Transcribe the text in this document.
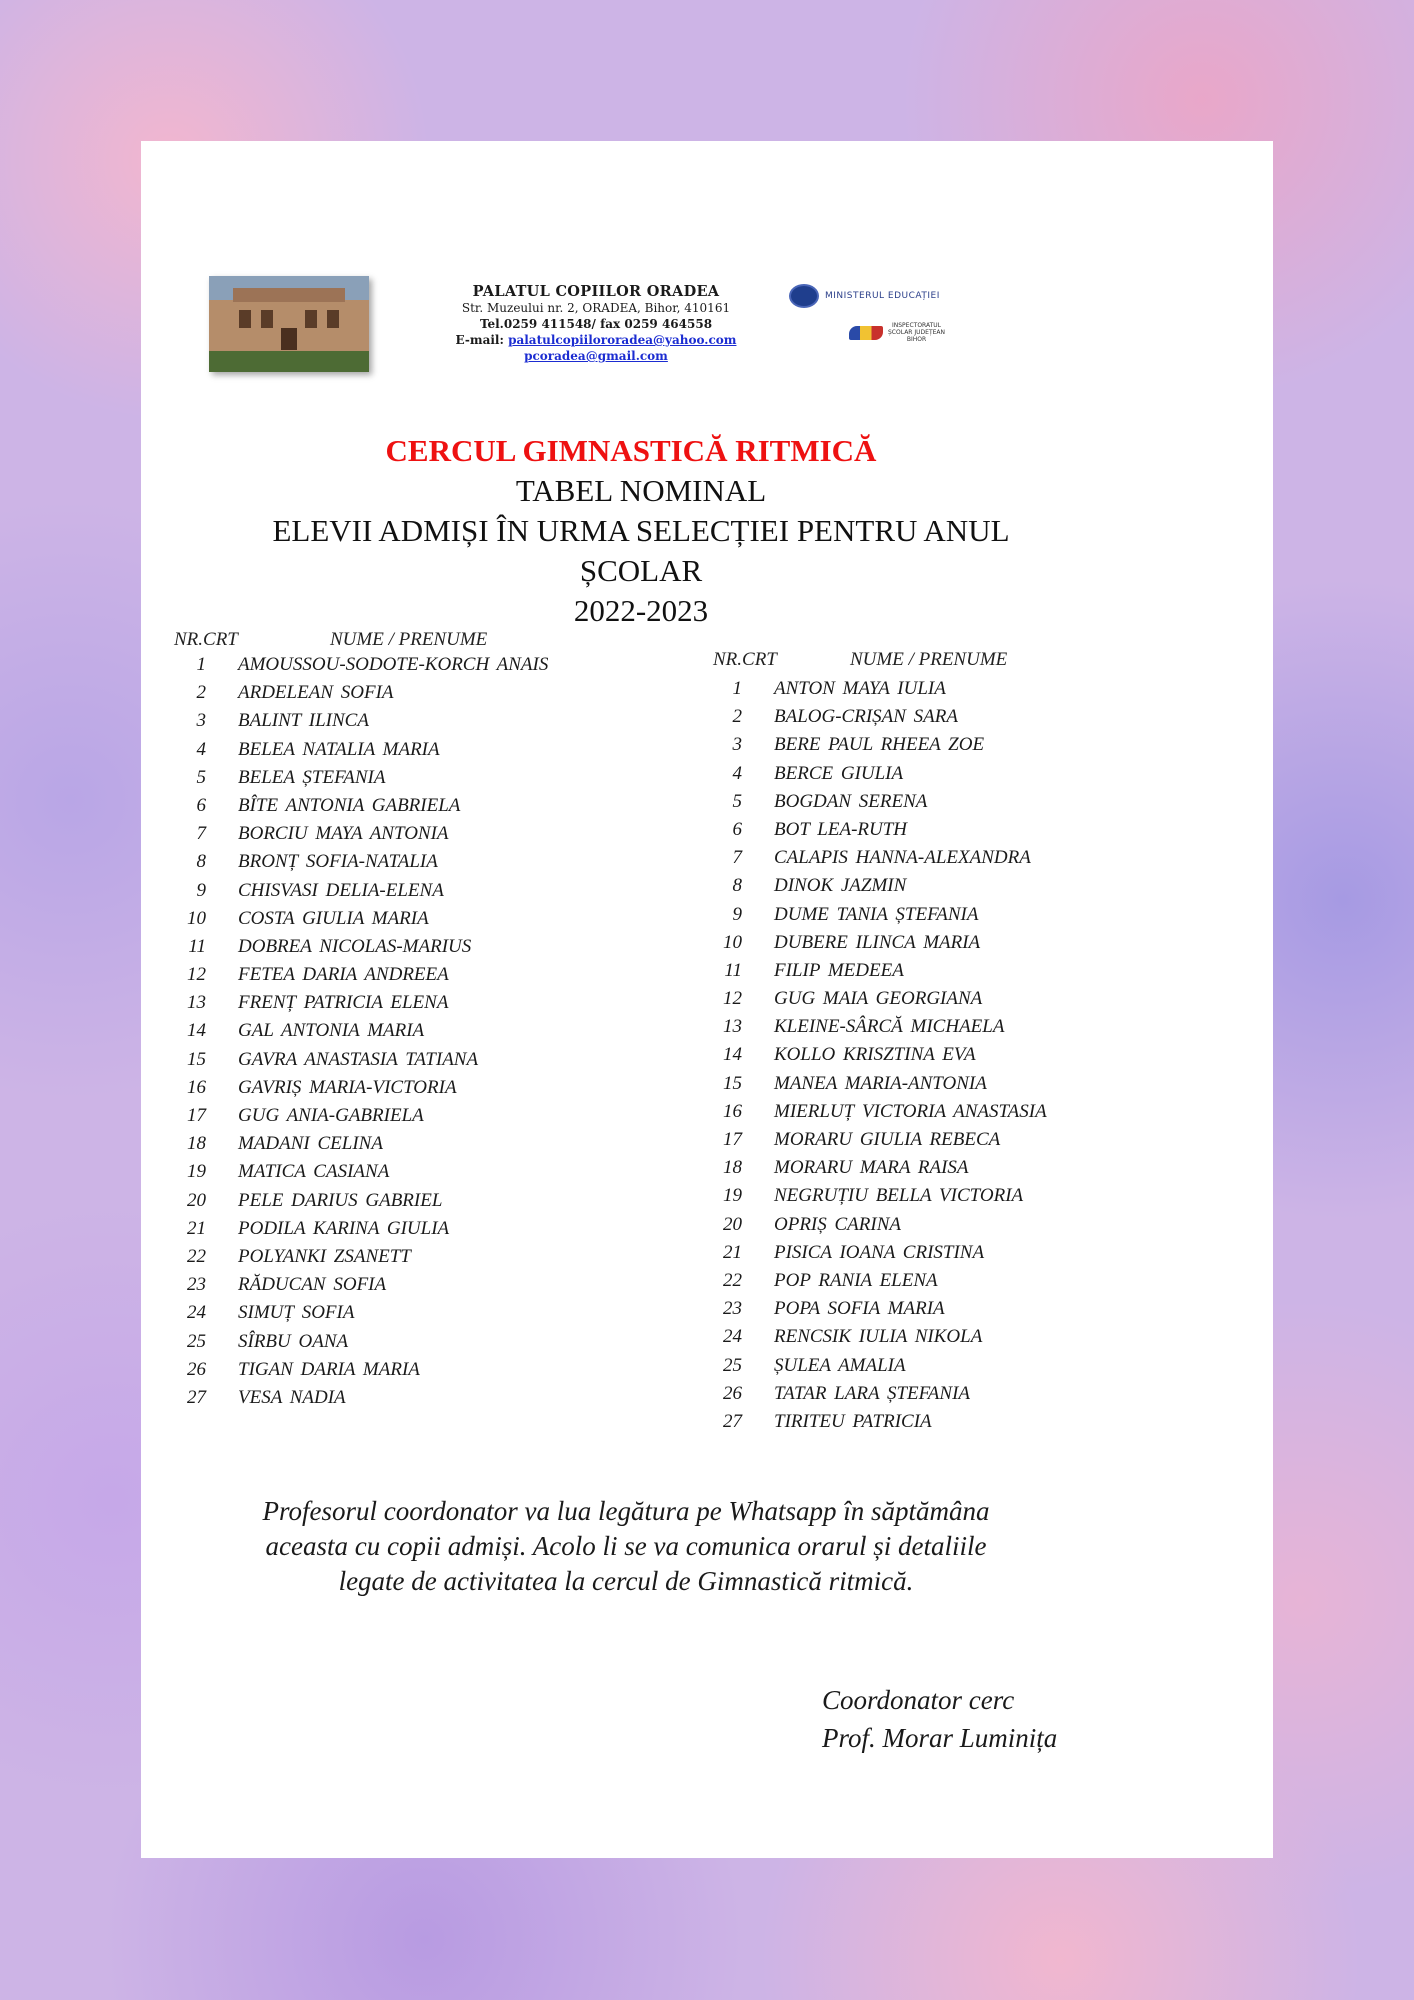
PALATUL COPIILOR ORADEA
Str. Muzeului nr. 2, ORADEA, Bihor, 410161
Tel.0259 411548/ fax 0259 464558
E-mail: palatulcopiilororadea@yahoo.com
pcoradea@gmail.com
MINISTERUL EDUCAȚIEI
INSPECTORATUL
ȘCOLAR JUDEȚEAN
BIHOR
CERCUL GIMNASTICĂ RITMICĂ
TABEL NOMINAL
ELEVII ADMIȘI ÎN URMA SELECȚIEI PENTRU ANUL
ȘCOLAR
2022-2023
NR.CRT	NUME / PRENUME
1 AMOUSSOU-SODOTE-KORCH ANAIS
2 ARDELEAN SOFIA
3 BALINT ILINCA
4 BELEA NATALIA MARIA
5 BELEA ȘTEFANIA
6 BÎTE ANTONIA GABRIELA
7 BORCIU MAYA ANTONIA
8 BRONȚ SOFIA-NATALIA
9 CHISVASI DELIA-ELENA
10 COSTA GIULIA MARIA
11 DOBREA NICOLAS-MARIUS
12 FETEA DARIA ANDREEA
13 FRENȚ PATRICIA ELENA
14 GAL ANTONIA MARIA
15 GAVRA ANASTASIA TATIANA
16 GAVRIȘ MARIA-VICTORIA
17 GUG ANIA-GABRIELA
18 MADANI CELINA
19 MATICA CASIANA
20 PELE DARIUS GABRIEL
21 PODILA KARINA GIULIA
22 POLYANKI ZSANETT
23 RĂDUCAN SOFIA
24 SIMUȚ SOFIA
25 SÎRBU OANA
26 TIGAN DARIA MARIA
27 VESA NADIA
NR.CRT	NUME / PRENUME
1 ANTON MAYA IULIA
2 BALOG-CRIȘAN SARA
3 BERE PAUL RHEEA ZOE
4 BERCE GIULIA
5 BOGDAN SERENA
6 BOT LEA-RUTH
7 CALAPIS HANNA-ALEXANDRA
8 DINOK JAZMIN
9 DUME TANIA ȘTEFANIA
10 DUBERE ILINCA MARIA
11 FILIP MEDEEA
12 GUG MAIA GEORGIANA
13 KLEINE-SÂRCĂ MICHAELA
14 KOLLO KRISZTINA EVA
15 MANEA MARIA-ANTONIA
16 MIERLUȚ VICTORIA ANASTASIA
17 MORARU GIULIA REBECA
18 MORARU MARA RAISA
19 NEGRUȚIU BELLA VICTORIA
20 OPRIȘ CARINA
21 PISICA IOANA CRISTINA
22 POP RANIA ELENA
23 POPA SOFIA MARIA
24 RENCSIK IULIA NIKOLA
25 ȘULEA AMALIA
26 TATAR LARA ȘTEFANIA
27 TIRITEU PATRICIA
Profesorul coordonator va lua legătura pe Whatsapp în săptămâna
aceasta cu copii admiși. Acolo li se va comunica orarul și detaliile
legate de activitatea la cercul de Gimnastică ritmică.
Coordonator cerc
Prof. Morar Luminița
